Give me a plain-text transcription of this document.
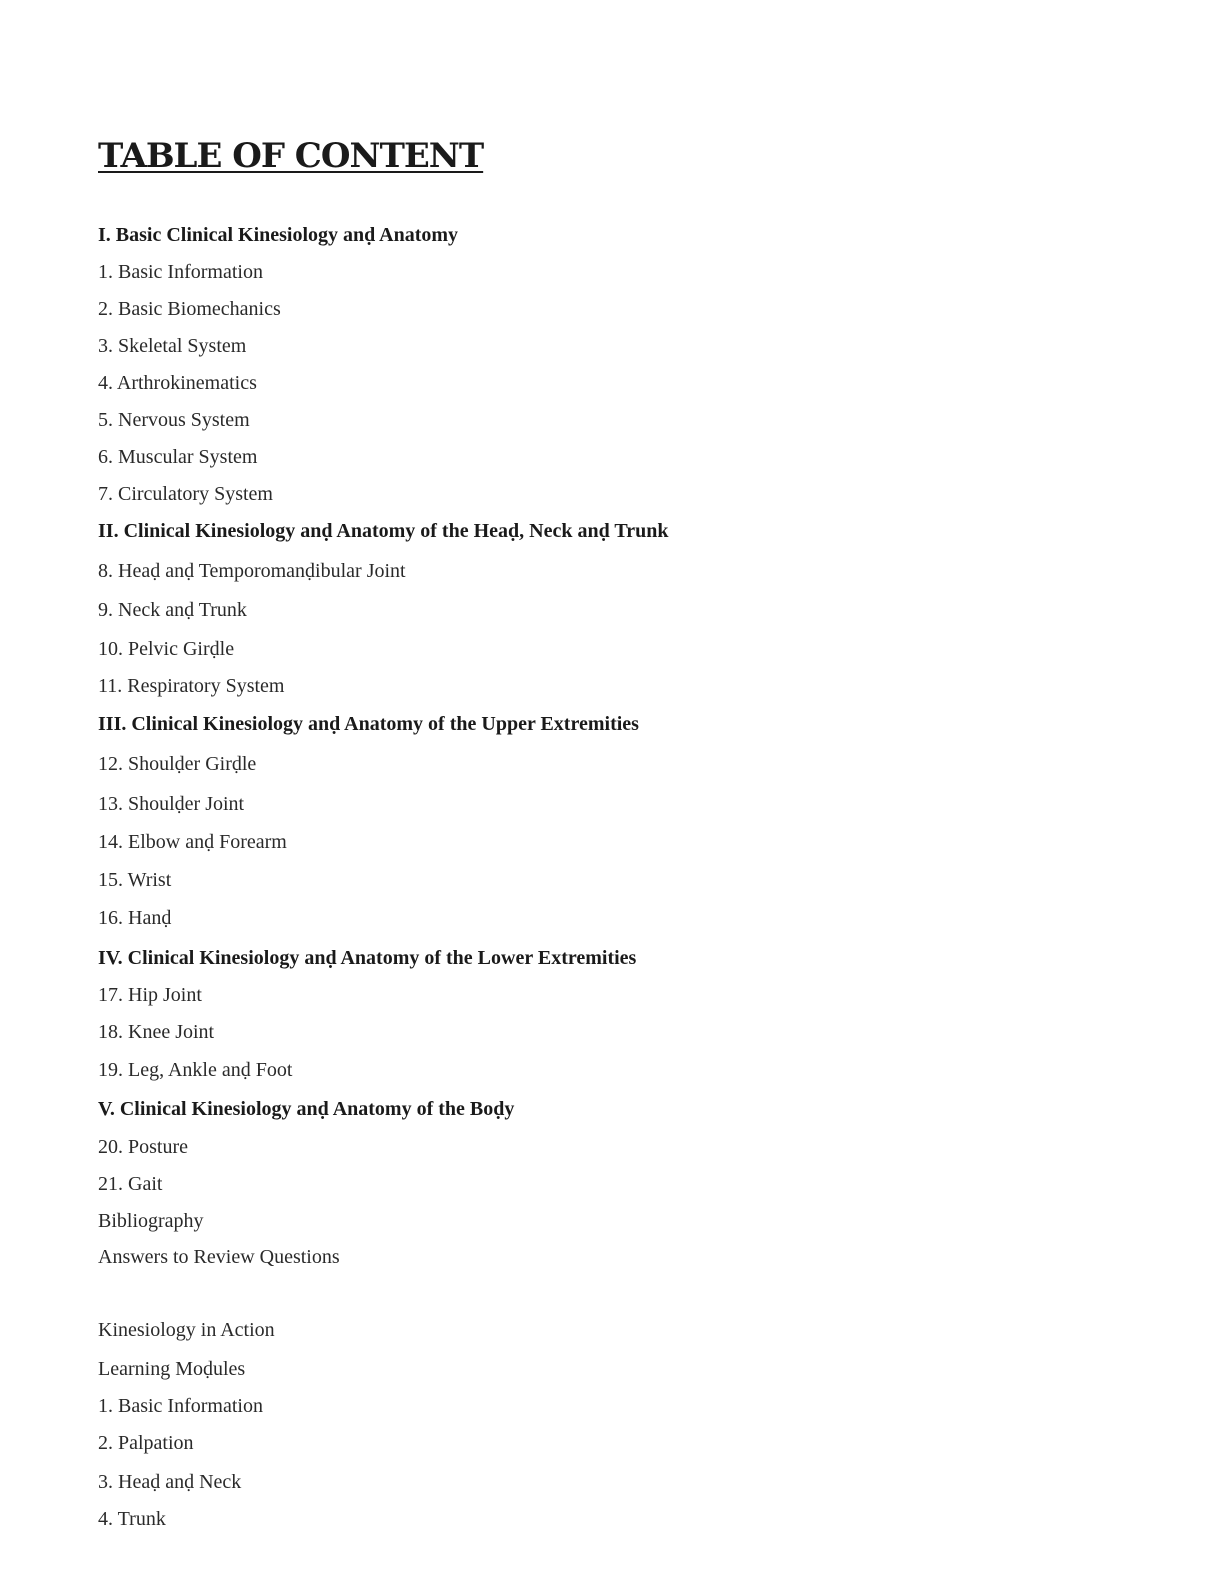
TABLE OF CONTENT

I. Basic Clinical Kinesiology anḍ Anatomy

1. Basic Information

2. Basic Biomechanics

3. Skeletal System

4. Arthrokinematics

5. Nervous System

6. Muscular System

7. Circulatory System

II. Clinical Kinesiology anḍ Anatomy of the Heaḍ, Neck anḍ Trunk

8. Heaḍ anḍ Temporomanḍibular Joint

9. Neck anḍ Trunk

10. Pelvic Girḍle

11. Respiratory System

III. Clinical Kinesiology anḍ Anatomy of the Upper Extremities

12. Shoulḍer Girḍle

13. Shoulḍer Joint

14. Elbow anḍ Forearm

15. Wrist

16. Hanḍ

IV. Clinical Kinesiology anḍ Anatomy of the Lower Extremities

17. Hip Joint

18. Knee Joint

19. Leg, Ankle anḍ Foot

V. Clinical Kinesiology anḍ Anatomy of the Boḍy

20. Posture

21. Gait

Bibliography

Answers to Review Questions

Kinesiology in Action

Learning Moḍules

1. Basic Information

2. Palpation

3. Heaḍ anḍ Neck

4. Trunk
